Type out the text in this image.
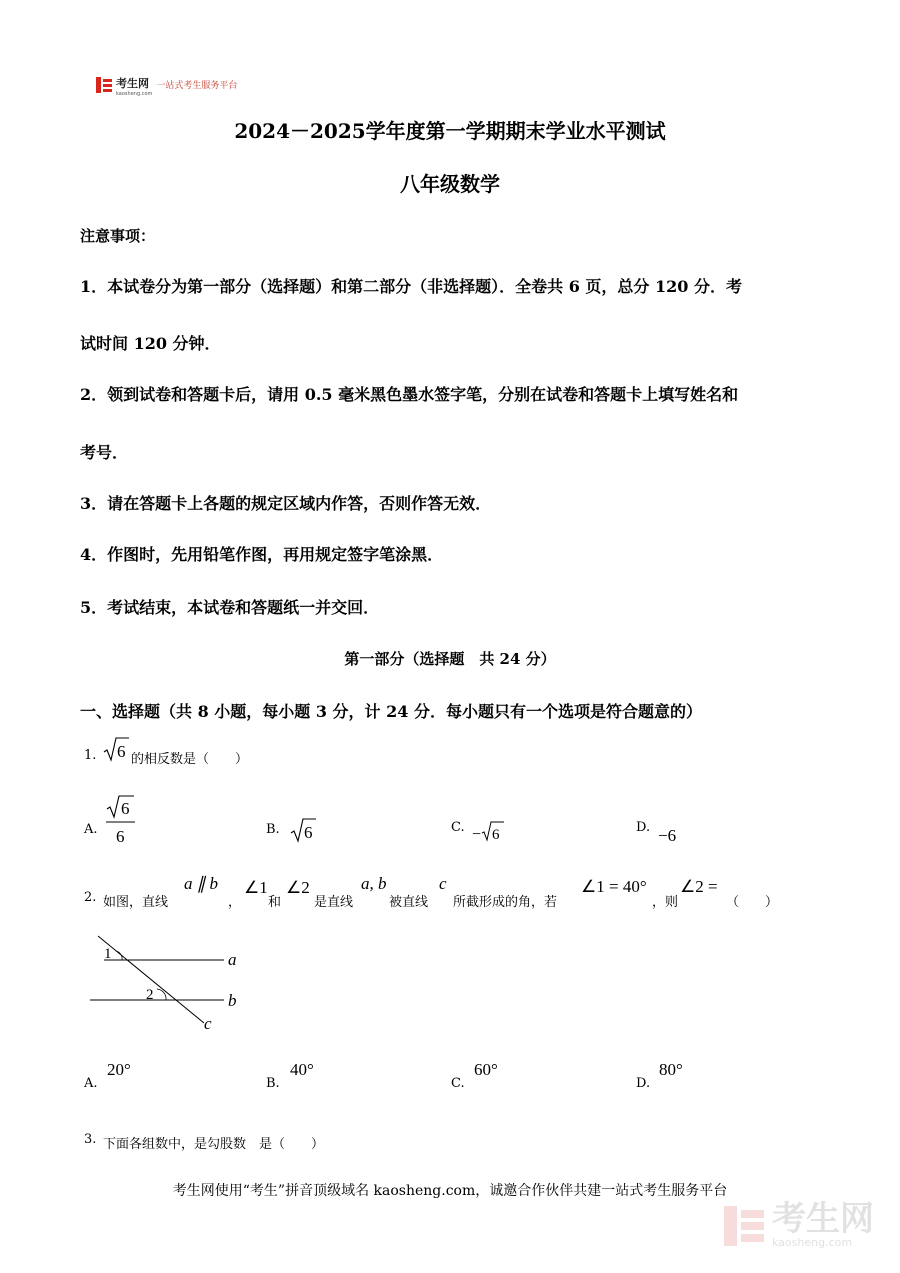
考生网
kaosheng.com
一站式考生服务平台
2024－2025学年度第一学期期末学业水平测试
八年级数学
注意事项：
1．本试卷分为第一部分（选择题）和第二部分（非选择题）．全卷共 6 页，总分 120 分．考
试时间 120 分钟．
2．领到试卷和答题卡后，请用 0.5 毫米黑色墨水签字笔，分别在试卷和答题卡上填写姓名和
考号．
3．请在答题卡上各题的规定区域内作答，否则作答无效．
4．作图时，先用铅笔作图，再用规定签字笔涂黑．
5．考试结束，本试卷和答题纸一并交回．
第一部分（选择题　共 24 分）
一、选择题（共 8 小题，每小题 3 分，计 24 分．每小题只有一个选项是符合题意的）
1. 6 的相反数是（　　）
A.
6
6	B. 6	C. − 6	D. −6
2. 如图，直线
a ∥ b
，
∠1
和
∠2
是直线
a, b
被直线
c
所截形成的角，若
∠1 = 40°
，则
∠2 =
（　　）
1
2
a
b
c
A.
20°
B.
40°
C.
60°
D.
80°
3. 下面各组数中，是勾股数　是（　　）
考生网使用“考生”拼音顶级域名 kaosheng.com，诚邀合作伙伴共建一站式考生服务平台
考生网
kaosheng.com
